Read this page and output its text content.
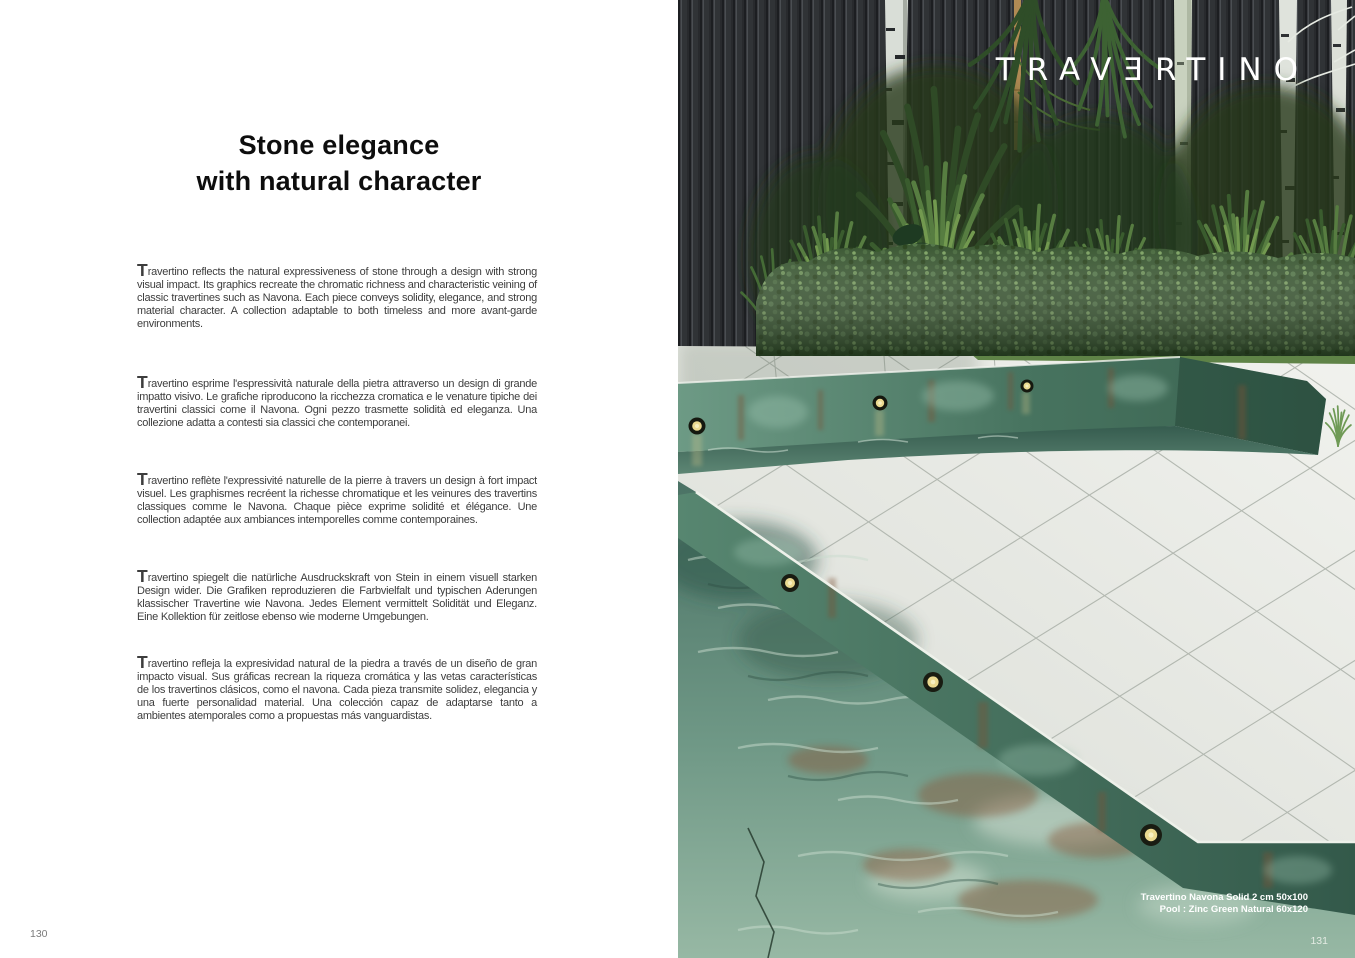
Stone elegance
with natural character

Travertino reflects the natural expressiveness of stone through a design with strong visual impact. Its graphics recreate the chromatic richness and characteristic veining of classic travertines such as Navona. Each piece conveys solidity, elegance, and strong material character. A collection adaptable to both timeless and more avant-garde environments.

Travertino esprime l'espressività naturale della pietra attraverso un design di grande impatto visivo. Le grafiche riproducono la ricchezza cromatica e le venature tipiche dei travertini classici come il Navona. Ogni pezzo trasmette solidità ed eleganza. Una collezione adatta a contesti sia classici che contemporanei.

Travertino reflète l'expressivité naturelle de la pierre à travers un design à fort impact visuel. Les graphismes recréent la richesse chromatique et les veinures des travertins classiques comme le Navona. Chaque pièce exprime solidité et élégance. Une collection adaptée aux ambiances intemporelles comme contemporaines.

Travertino spiegelt die natürliche Ausdruckskraft von Stein in einem visuell starken Design wider. Die Grafiken reproduzieren die Farbvielfalt und typischen Aderungen klassischer Travertine wie Navona. Jedes Element vermittelt Solidität und Eleganz. Eine Kollektion für zeitlose ebenso wie moderne Umgebungen.

Travertino refleja la expresividad natural de la piedra a través de un diseño de gran impacto visual. Sus gráficas recrean la riqueza cromática y las vetas características de los travertinos clásicos, como el navona. Cada pieza transmite solidez, elegancia y una fuerte personalidad material. Una colección capaz de adaptarse tanto a ambientes atemporales como a propuestas más vanguardistas.

130
TRAVƎRTINO
Travertino Navona Solid 2 cm 50x100
Pool : Zinc Green Natural 60x120
131
